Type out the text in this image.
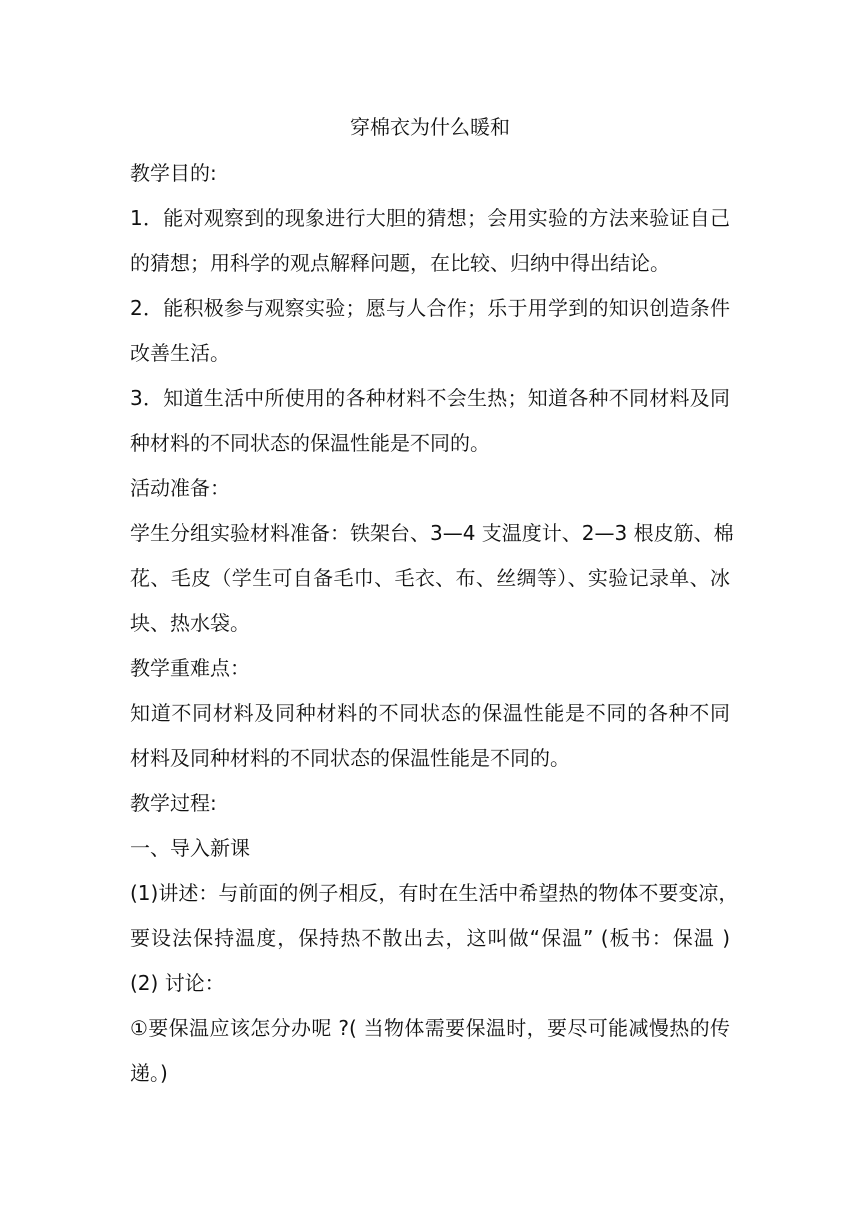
穿棉衣为什么暖和
教学目的:
1．能对观察到的现象进行大胆的猜想；会用实验的方法来验证自己
的猜想；用科学的观点解释问题，在比较、归纳中得出结论。
2．能积极参与观察实验；愿与人合作；乐于用学到的知识创造条件
改善生活。
3．知道生活中所使用的各种材料不会生热；知道各种不同材料及同
种材料的不同状态的保温性能是不同的。
活动准备：
学生分组实验材料准备：铁架台、3—4 支温度计、2—3 根皮筋、棉
花、毛皮（学生可自备毛巾、毛衣、布、丝绸等）、实验记录单、冰
块、热水袋。
教学重难点：
知道不同材料及同种材料的不同状态的保温性能是不同的各种不同
材料及同种材料的不同状态的保温性能是不同的。
教学过程:
一、导入新课
(1)讲述：与前面的例子相反，有时在生活中希望热的物体不要变凉，
要设法保持温度，保持热不散出去，这叫做“保温” (板书：保温 )
(2) 讨论：
①要保温应该怎分办呢 ?( 当物体需要保温时，要尽可能减慢热的传
递。)
